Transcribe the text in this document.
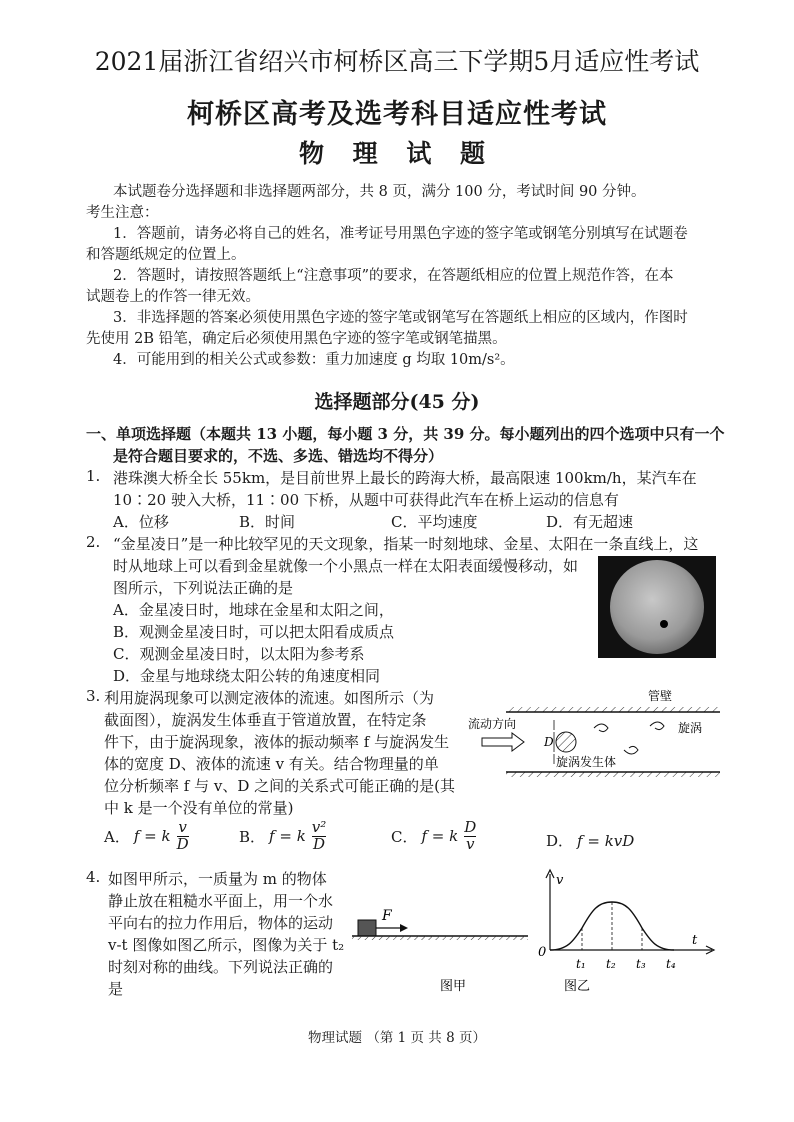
2021届浙江省绍兴市柯桥区高三下学期5月适应性考试
柯桥区高考及选考科目适应性考试
物 理 试 题
本试题卷分选择题和非选择题两部分，共 8 页，满分 100 分，考试时间 90 分钟。
考生注意：
1．答题前，请务必将自己的姓名，准考证号用黑色字迹的签字笔或钢笔分别填写在试题卷
和答题纸规定的位置上。
2．答题时，请按照答题纸上“注意事项”的要求，在答题纸相应的位置上规范作答，在本
试题卷上的作答一律无效。
3．非选择题的答案必须使用黑色字迹的签字笔或钢笔写在答题纸上相应的区域内，作图时
先使用 2B 铅笔，确定后必须使用黑色字迹的签字笔或钢笔描黑。
4．可能用到的相关公式或参数：重力加速度 g 均取 10m/s²。
选择题部分(45 分)
一、单项选择题（本题共 13 小题，每小题 3 分，共 39 分。每小题列出的四个选项中只有一个
是符合题目要求的，不选、多选、错选均不得分）
1. 港珠澳大桥全长 55km，是目前世界上最长的跨海大桥，最高限速 100km/h，某汽车在
10∶20 驶入大桥，11∶00 下桥，从题中可获得此汽车在桥上运动的信息有
A．位移	B．时间	C．平均速度	D．有无超速
2. “金星凌日”是一种比较罕见的天文现象，指某一时刻地球、金星、太阳在一条直线上，这
时从地球上可以看到金星就像一个小黑点一样在太阳表面缓慢移动，如
图所示，下列说法正确的是
A．金星凌日时，地球在金星和太阳之间，
B．观测金星凌日时，可以把太阳看成质点
C．观测金星凌日时，以太阳为参考系
D．金星与地球绕太阳公转的角速度相同
3. 利用旋涡现象可以测定液体的流速。如图所示（为
截面图），旋涡发生体垂直于管道放置，在特定条
件下，由于旋涡现象，液体的振动频率 f 与旋涡发生
体的宽度 D、液体的流速 v 有关。结合物理量的单
位分析频率 f 与 v、D 之间的关系式可能正确的是(其
中 k 是一个没有单位的常量)
管壁
流动方向
D
旋涡
旋涡发生体
A． f = k $\frac{v}{D}$	B． f = k $\frac{\text{v²}}{D}$	C． f = k $\frac{D}{v}$	D． f = kvD
4. 如图甲所示，一质量为 m 的物体
静止放在粗糙水平面上，用一个水
平向右的拉力作用后，物体的运动
v-t 图像如图乙所示，图像为关于 t₂
时刻对称的曲线。下列说法正确的
是
F
图甲
v
t
0
t₁ t₂ t₃ t₄
图乙
物理试题 （第 1 页 共 8 页）
